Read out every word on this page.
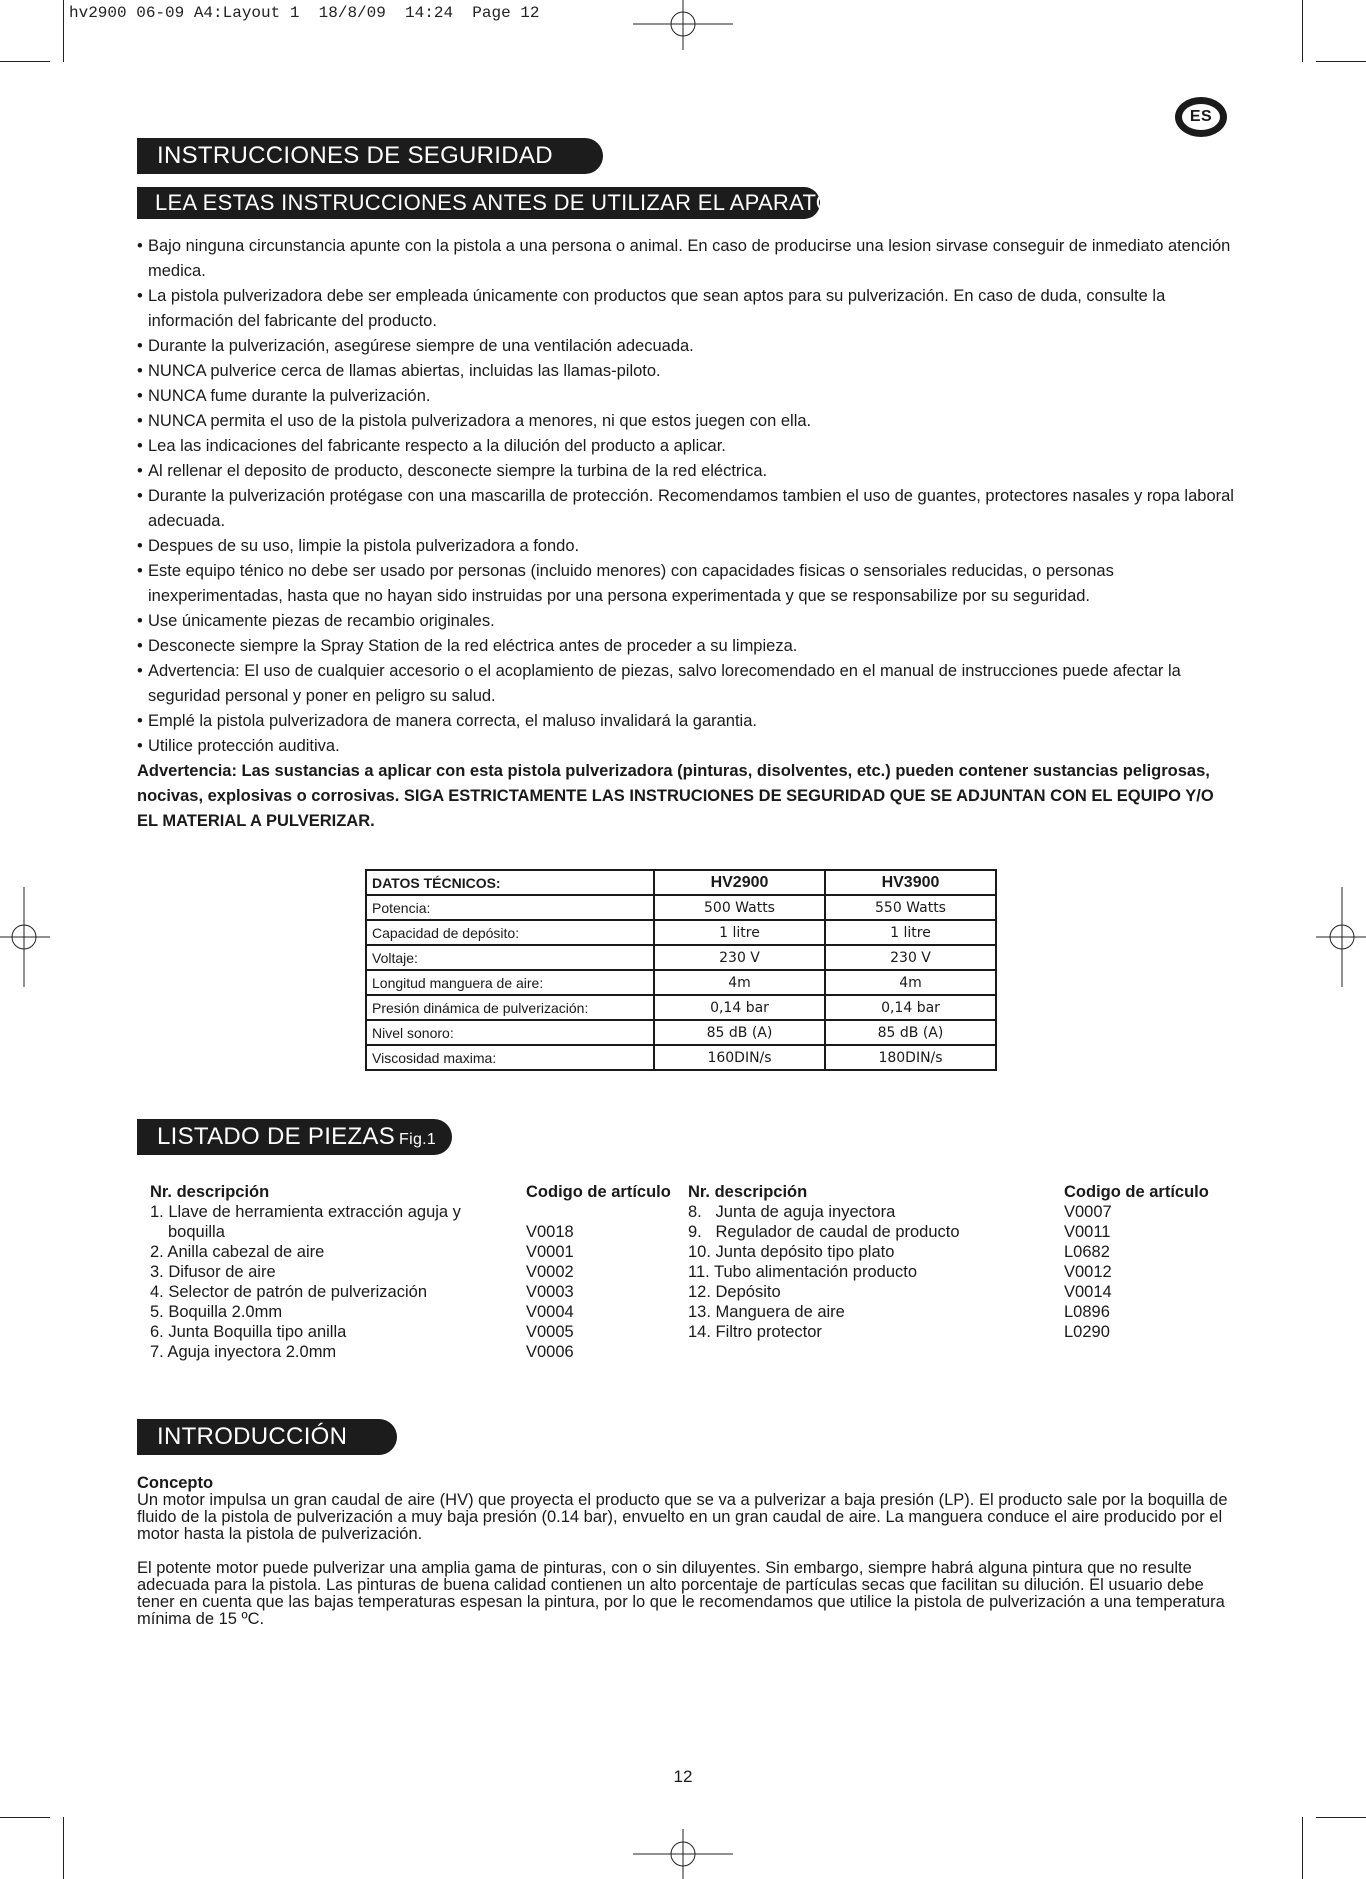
hv2900 06-09 A4:Layout 1  18/8/09  14:24  Page 12
ES
INSTRUCCIONES DE SEGURIDAD
LEA ESTAS INSTRUCCIONES ANTES DE UTILIZAR EL APARATO
• Bajo ninguna circunstancia apunte con la pistola a una persona o animal. En caso de producirse una lesion sirvase conseguir de inmediato atención medica.
• La pistola pulverizadora debe ser empleada únicamente con productos que sean aptos para su pulverización. En caso de duda, consulte la información del fabricante del producto.
• Durante la pulverización, asegúrese siempre de una ventilación adecuada.
• NUNCA pulverice cerca de llamas abiertas, incluidas las llamas-piloto.
• NUNCA fume durante la pulverización.
• NUNCA permita el uso de la pistola pulverizadora a menores, ni que estos juegen con ella.
• Lea las indicaciones del fabricante respecto a la dilución del producto a aplicar.
• Al rellenar el deposito de producto, desconecte siempre la turbina de la red eléctrica.
• Durante la pulverización protégase con una mascarilla de protección. Recomendamos tambien el uso de guantes, protectores nasales y ropa laboral adecuada.
• Despues de su uso, limpie la pistola pulverizadora a fondo.
• Este equipo ténico no debe ser usado por personas (incluido menores) con capacidades fisicas o sensoriales reducidas, o personas inexperimentadas, hasta que no hayan sido instruidas por una persona experimentada y que se responsabilize por su seguridad.
• Use únicamente piezas de recambio originales.
• Desconecte siempre la Spray Station de la red eléctrica antes de proceder a su limpieza.
• Advertencia: El uso de cualquier accesorio o el acoplamiento de piezas, salvo lorecomendado en el manual de instrucciones puede afectar la seguridad personal y poner en peligro su salud.
• Emplé la pistola pulverizadora de manera correcta, el maluso invalidará la garantia.
• Utilice protección auditiva.
Advertencia: Las sustancias a aplicar con esta pistola pulverizadora (pinturas, disolventes, etc.) pueden contener sustancias peligrosas, nocivas, explosivas o corrosivas. SIGA ESTRICTAMENTE LAS INSTRUCIONES DE SEGURIDAD QUE SE ADJUNTAN CON EL EQUIPO Y/O EL MATERIAL A PULVERIZAR.
DATOS TÉCNICOS:	HV2900	HV3900
Potencia:	500 Watts	550 Watts
Capacidad de depósito:	1 litre	1 litre
Voltaje:	230 V	230 V
Longitud manguera de aire:	4m	4m
Presión dinámica de pulverización:	0,14 bar	0,14 bar
Nivel sonoro:	85 dB (A)	85 dB (A)
Viscosidad maxima:	160DIN/s	180DIN/s
LISTADO DE PIEZAS Fig.1
Nr. descripción	Codigo de artículo
1. Llave de herramienta extracción aguja y
boquilla	V0018
2. Anilla cabezal de aire	V0001
3. Difusor de aire	V0002
4. Selector de patrón de pulverización	V0003
5. Boquilla 2.0mm	V0004
6. Junta Boquilla tipo anilla	V0005
7. Aguja inyectora 2.0mm	V0006
Nr. descripción	Codigo de artículo
8.   Junta de aguja inyectora	V0007
9.   Regulador de caudal de producto	V0011
10. Junta depósito tipo plato	L0682
11. Tubo alimentación producto	V0012
12. Depósito	V0014
13. Manguera de aire	L0896
14. Filtro protector	L0290
INTRODUCCIÓN
Concepto

Un motor impulsa un gran caudal de aire (HV) que proyecta el producto que se va a pulverizar a baja presión (LP). El producto sale por la boquilla de fluido de la pistola de pulverización a muy baja presión (0.14 bar), envuelto en un gran caudal de aire. La manguera conduce el aire producido por el motor hasta la pistola de pulverización.

El potente motor puede pulverizar una amplia gama de pinturas, con o sin diluyentes. Sin embargo, siempre habrá alguna pintura que no resulte adecuada para la pistola. Las pinturas de buena calidad contienen un alto porcentaje de partículas secas que facilitan su dilución. El usuario debe tener en cuenta que las bajas temperaturas espesan la pintura, por lo que le recomendamos que utilice la pistola de pulverización a una temperatura mínima de 15 ºC.

12
